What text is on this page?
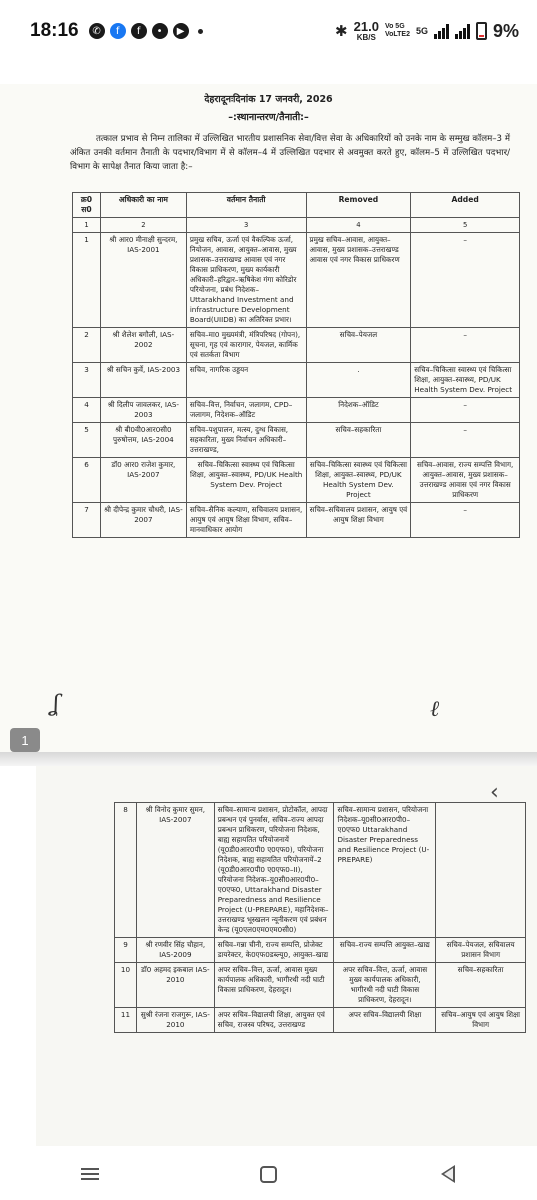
18:16	✆	f	f	•	▶	✱ 21.0
KB/S
Vo 5G
VoLTE2 5G	9%
देहरादूनःदिनांक 17 जनवरी, 2026
–:स्थानान्तरण/तैनाती:–
तत्काल प्रभाव से निम्न तालिका में उल्लिखित भारतीय प्रशासनिक सेवा/वित्त सेवा के अधिकारियों को उनके नाम के सम्मुख कॉलम–3 में अंकित उनकी वर्तमान तैनाती के पदभार/विभाग में से कॉलम–4 में उल्लिखित पदभार से अवमुक्त करते हुए, कॉलम–5 में उल्लिखित पदभार/विभाग के सापेक्ष तैनात किया जाता है:–
क्र0 स0	अधिकारी का नाम	वर्तमान तैनाती	Removed	Added
1	2	3	4	5
1	श्री आर0 मीनाक्षी सुन्दरम, IAS-2001	प्रमुख सचिव, ऊर्जा एवं वैकल्पिक ऊर्जा, नियोजन, आवास, आयुक्त–आवास, मुख्य प्रशासक–उत्तराखण्ड आवास एवं नगर विकास प्राधिकरण, मुख्य कार्यकारी अधिकारी–हरिद्वार–ऋषिकेश गंगा कोरिडोर परियोजना, प्रबंध निदेशक– Uttarakhand Investment and infrastructure Development Board(UIIDB) का अतिरिक्त प्रभार।	प्रमुख सचिव–आवास, आयुक्त–आवास, मुख्य प्रशासक–उत्तराखण्ड आवास एवं नगर विकास प्राधिकरण	–
2	श्री शैलेश बगौली, IAS-2002	सचिव–मा0 मुख्यमंत्री, मंत्रिपरिषद (गोपन), सूचना, गृह एवं कारागार, पेयजल, कार्मिक एवं सतर्कता विभाग	सचिव–पेयजल	–
3	श्री सचिन कुर्वे, IAS-2003	सचिव, नागरिक उड्डयन	.	सचिव–चिकित्सा स्वास्थ्य एवं चिकित्सा शिक्षा, आयुक्त–स्वास्थ्य, PD/UK Health System Dev. Project
4	श्री दिलीप जावलकर, IAS-2003	सचिव–वित्त, निर्वाचन, जलागम, CPD–जलागम, निदेशक–ऑडिट	निदेशक–ऑडिट	–
5	श्री बी0वी0आर0सी0 पुरुषोत्तम, IAS-2004	सचिव–पशुपालन, मत्स्य, दुग्ध विकास, सहकारिता, मुख्य निर्वाचन अधिकारी– उत्तराखण्ड,	सचिव–सहकारिता	–
6	डॉ0 आर0 राजेश कुमार, IAS-2007	सचिव–चिकित्सा स्वास्थ्य एवं चिकित्सा शिक्षा, आयुक्त–स्वास्थ्य, PD/UK Health System Dev. Project	सचिव–चिकित्सा स्वास्थ्य एवं चिकित्सा शिक्षा, आयुक्त–स्वास्थ्य, PD/UK Health System Dev. Project	सचिव–आवास, राज्य सम्पत्ति विभाग, आयुक्त–आवास, मुख्य प्रशासक–उत्तराखण्ड आवास एवं नगर विकास प्राधिकरण
7	श्री दीपेन्द्र कुमार चौधरी, IAS-2007	सचिव–सैनिक कल्याण, सचिवालय प्रशासन, आयुष एवं आयुष शिक्षा विभाग, सचिव–मानवाधिकार आयोग	सचिव–सचिवालय प्रशासन, आयुष एवं आयुष शिक्षा विभाग	–
ʆ	ℓ
1
8	श्री विनोद कुमार सुमन, IAS-2007	सचिव–सामान्य प्रशासन, प्रोटोकॉल, आपदा प्रबन्धन एवं पुनर्वास, सचिव–राज्य आपदा प्रबन्धन प्राधिकरण, परियोजना निदेशक, बाह्य सहायतित परियोजनायें (यू0डी0आर0पी0 ए0एफ0), परियोजना निदेशक, बाह्य सहायतित परियोजनायें–2 (यू0डी0आर0पी0 ए0एफ0–II), परियोजना निदेशक–यू0सी0आर0पी0–ए0एफ0, Uttarakhand Disaster Preparedness and Resilience Project (U-PREPARE), महानिदेशक– उत्तराखण्ड भूस्खलन न्यूनीकरण एवं प्रबंधन केन्द्र (यू0एल0एम0एम0सी0)	सचिव–सामान्य प्रशासन, परियोजना निदेशक–यू0सी0आर0पी0–ए0एफ0 Uttarakhand Disaster Preparedness and Resilience Project (U-PREPARE)	
9	श्री रणवीर सिंह चौहान, IAS-2009	सचिव–गन्ना चीनी, राज्य सम्पत्ति, प्रोजेक्ट डायरेक्टर, के0एफ0डब्ल्यू0, आयुक्त–खाद्य	सचिव–राज्य सम्पत्ति आयुक्त–खाद्य	सचिव–पेयजल, सचिवालय प्रशासन विभाग
10	डॉ0 अहमद इकबाल IAS-2010	अपर सचिव–वित्त, ऊर्जा, आवास मुख्य कार्यपालक अधिकारी, भागीरथी नदी घाटी विकास प्राधिकरण, देहरादून।	अपर सचिव–वित्त, ऊर्जा, आवास मुख्य कार्यपालक अधिकारी, भागीरथी नदी घाटी विकास प्राधिकरण, देहरादून।	सचिव–सहकारिता
11	सुश्री रंजना राजगुरू, IAS-2010	अपर सचिव–विद्यालयी शिक्षा, आयुक्त एवं सचिव, राजस्व परिषद, उत्तराखण्ड	अपर सचिव–विद्यालयी शिक्षा	सचिव–आयुष एवं आयुष शिक्षा विभाग
‹
